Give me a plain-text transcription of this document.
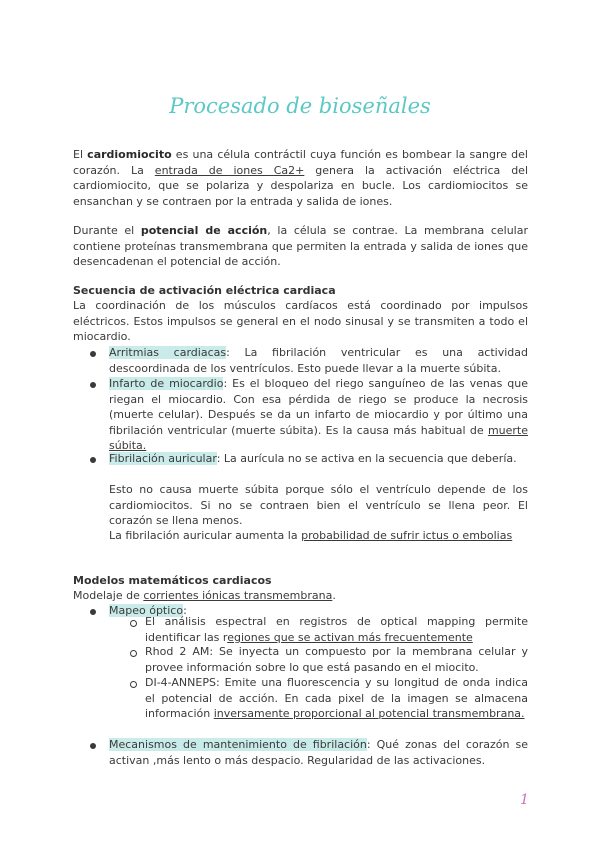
Procesado de bioseñales
El cardiomiocito es una célula contráctil cuya función es bombear la sangre del corazón. La entrada de iones Ca2+ genera la activación eléctrica del cardiomiocito, que se polariza y despolariza en bucle. Los cardiomiocitos se ensanchan y se contraen por la entrada y salida de iones.
Durante el potencial de acción, la célula se contrae. La membrana celular contiene proteínas transmembrana que permiten la entrada y salida de iones que desencadenan el potencial de acción.
Secuencia de activación eléctrica cardiaca
La coordinación de los músculos cardíacos está coordinado por impulsos eléctricos. Estos impulsos se general en el nodo sinusal y se transmiten a todo el miocardio.
Arritmias cardiacas: La fibrilación ventricular es una actividad descoordinada de los ventrículos. Esto puede llevar a la muerte súbita.
Infarto de miocardio: Es el bloqueo del riego sanguíneo de las venas que riegan el miocardio. Con esa pérdida de riego se produce la necrosis (muerte celular). Después se da un infarto de miocardio y por último una fibrilación ventricular (muerte súbita). Es la causa más habitual de muerte súbita.
Fibrilación auricular: La aurícula no se activa en la secuencia que debería.
Esto no causa muerte súbita porque sólo el ventrículo depende de los cardiomiocitos. Si no se contraen bien el ventrículo se llena peor. El corazón se llena menos.
La fibrilación auricular aumenta la probabilidad de sufrir ictus o embolias
Modelos matemáticos cardiacos
Modelaje de corrientes iónicas transmembrana.
Mapeo óptico:
El análisis espectral en registros de optical mapping permite identificar las regiones que se activan más frecuentemente
Rhod 2 AM: Se inyecta un compuesto por la membrana celular y provee información sobre lo que está pasando en el miocito.
DI-4-ANNEPS: Emite una fluorescencia y su longitud de onda indica el potencial de acción. En cada pixel de la imagen se almacena información inversamente proporcional al potencial transmembrana.
Mecanismos de mantenimiento de fibrilación: Qué zonas del corazón se activan ,más lento o más despacio. Regularidad de las activaciones.
1
